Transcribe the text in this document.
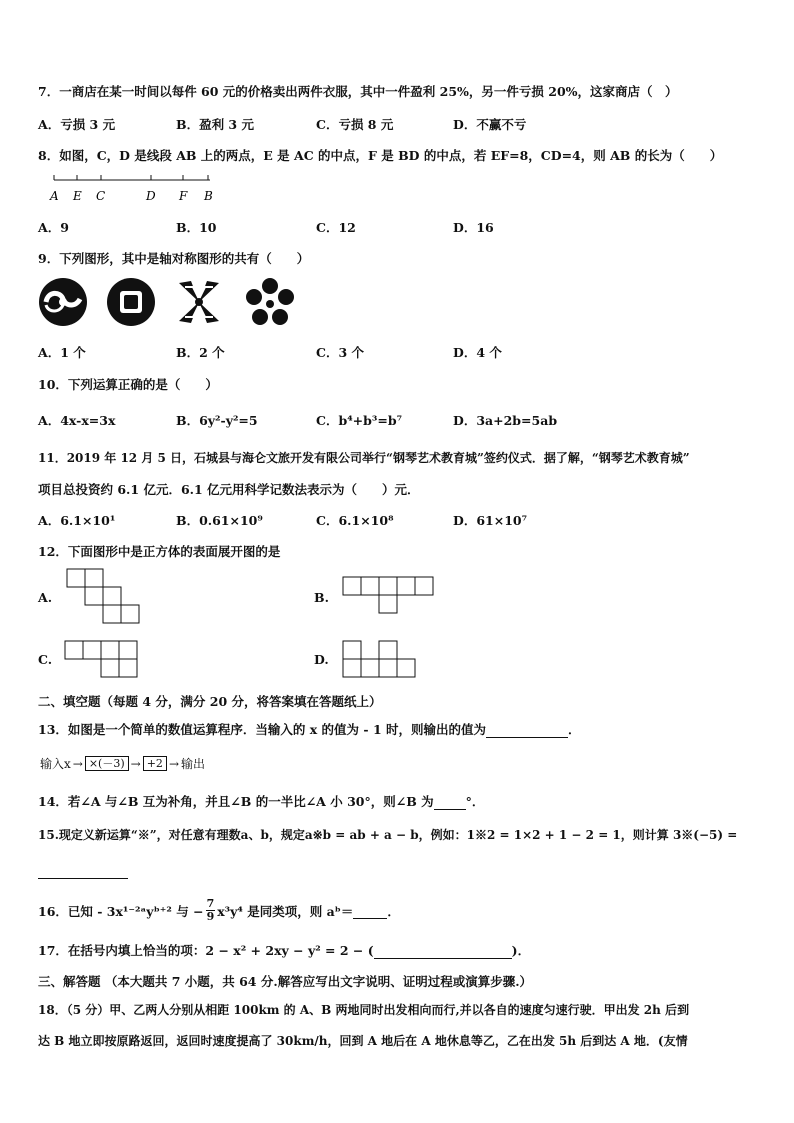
7．一商店在某一时间以每件 60 元的价格卖出两件衣服，其中一件盈利 25%，另一件亏损 20%，这家商店（　）
A．亏损 3 元	B．盈利 3 元	C．亏损 8 元	D．不赢不亏
8．如图，C，D 是线段 AB 上的两点，E 是 AC 的中点，F 是 BD 的中点，若 EF=8，CD=4，则 AB 的长为（　　）
A E C	D F B
A．9	B．10	C．12	D．16
9．下列图形，其中是轴对称图形的共有（　　）
A．1 个	B．2 个	C．3 个	D．4 个
10．下列运算正确的是（　　）
A．4x-x=3x	B．6y²-y²=5	C．b⁴+b³=b⁷	D．3a+2b=5ab
11．2019 年 12 月 5 日，石城县与海仑文旅开发有限公司举行“钢琴艺术教育城”签约仪式．据了解，“钢琴艺术教育城”
项目总投资约 6.1 亿元．6.1 亿元用科学记数法表示为（　　）元．
A．6.1×10¹	B．0.61×10⁹	C．6.1×10⁸	D．61×10⁷
12．下面图形中是正方体的表面展开图的是
A.	B.
C.	D.
二、填空题（每题 4 分，满分 20 分，将答案填在答题纸上）
13．如图是一个简单的数值运算程序．当输入的 x 的值为 - 1 时，则输出的值为	．
输入x → ×(－3) → +2 → 输出
14．若∠A 与∠B 互为补角，并且∠B 的一半比∠A 小 30°，则∠B 为	°．
15.现定义新运算“※”，对任意有理数a、b，规定a※b = ab + a − b，例如：1※2 = 1×2 + 1 − 2 = 1，则计算 3※(−5) =
16．已知 - 3x¹⁻²ᵃyᵇ⁺² 与 − $\frac{7}{9} x^3y^4$ 是同类项，则 aᵇ＝
	．
17．在括号内填上恰当的项：2 − x² + 2xy − y² = 2 − (	)．
三、解答题 （本大题共 7 小题，共 64 分.解答应写出文字说明、证明过程或演算步骤.）
18．（5 分）甲、乙两人分别从相距 100km 的 A、B 两地同时出发相向而行,并以各自的速度匀速行驶．甲出发 2h 后到
达 B 地立即按原路返回，返回时速度提高了 30km/h，回到 A 地后在 A 地休息等乙，乙在出发 5h 后到达 A 地．(友情
